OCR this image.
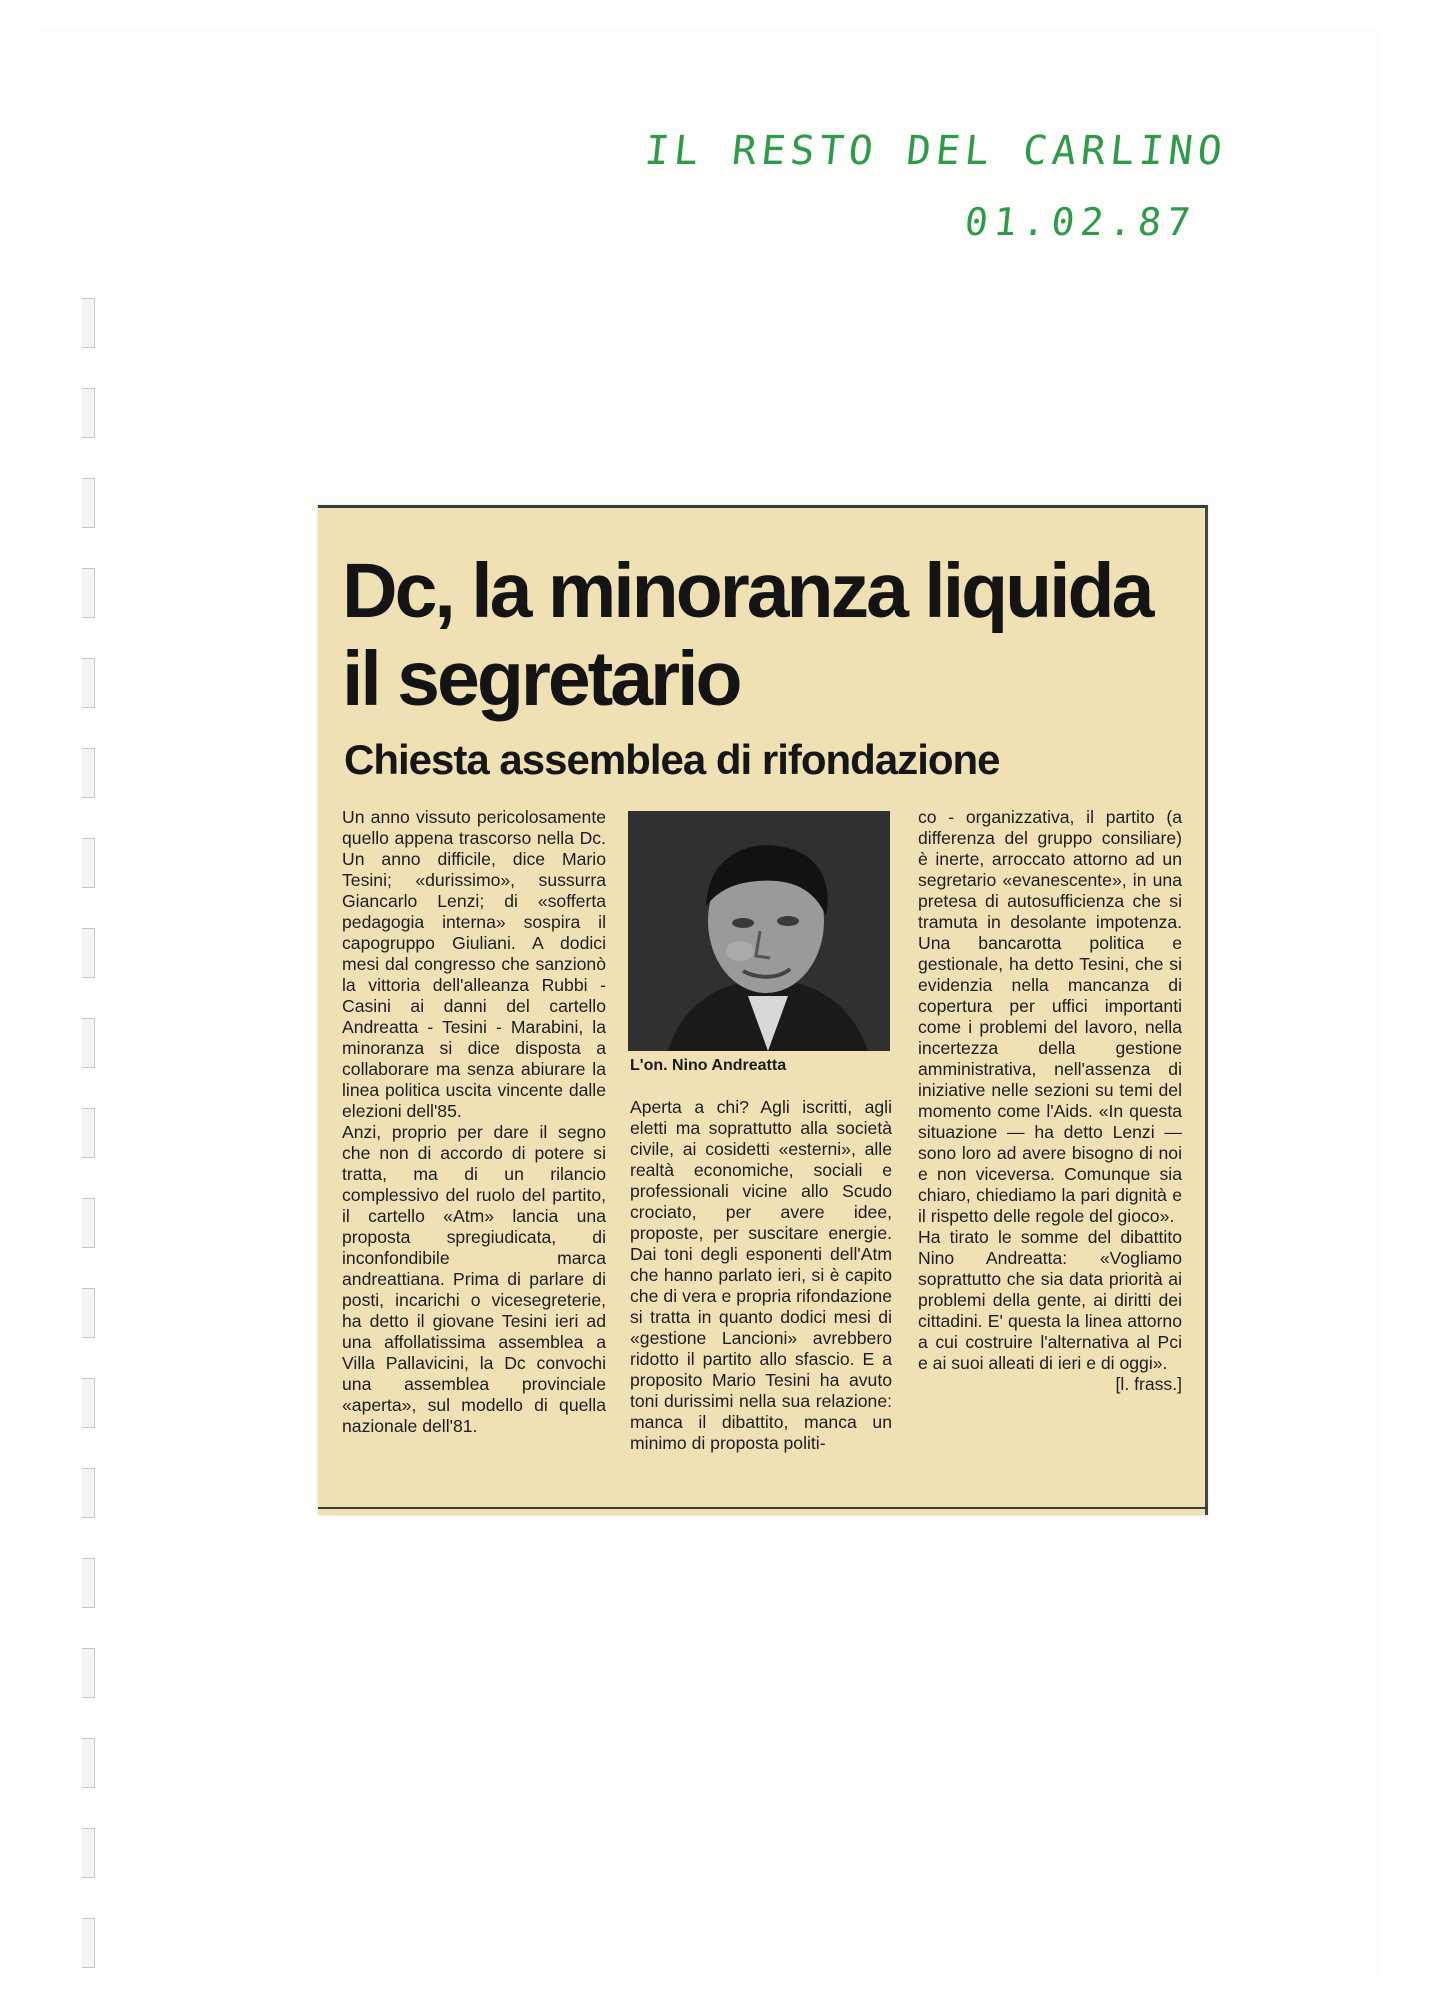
IL RESTO DEL CARLINO
01.02.87
Dc, la minoranza liquida il segretario
Chiesta assemblea di rifondazione

Un anno vissuto pericolosamente quello appena trascorso nella Dc. Un anno difficile, dice Mario Tesini; «durissimo», sussurra Giancarlo Lenzi; di «sofferta pedagogia interna» sospira il capogruppo Giuliani. A dodici mesi dal congresso che sanzionò la vittoria dell'alleanza Rubbi - Casini ai danni del cartello Andreatta - Tesini - Marabini, la minoranza si dice disposta a collaborare ma senza abiurare la linea politica uscita vincente dalle elezioni dell'85.

Anzi, proprio per dare il segno che non di accordo di potere si tratta, ma di un rilancio complessivo del ruolo del partito, il cartello «Atm» lancia una proposta spregiudicata, di inconfondibile marca andreattiana. Prima di parlare di posti, incarichi o vicesegreterie, ha detto il giovane Tesini ieri ad una affollatissima assemblea a Villa Pallavicini, la Dc convochi una assemblea provinciale «aperta», sul modello di quella nazionale dell'81.

L'on. Nino Andreatta

Aperta a chi? Agli iscritti, agli eletti ma soprattutto alla società civile, ai cosidetti «esterni», alle realtà economiche, sociali e professionali vicine allo Scudo crociato, per avere idee, proposte, per suscitare energie. Dai toni degli esponenti dell'Atm che hanno parlato ieri, si è capito che di vera e propria rifondazione si tratta in quanto dodici mesi di «gestione Lancioni» avrebbero ridotto il partito allo sfascio. E a proposito Mario Tesini ha avuto toni durissimi nella sua relazione: manca il dibattito, manca un minimo di proposta politi-

co - organizzativa, il partito (a differenza del gruppo consiliare) è inerte, arroccato attorno ad un segretario «evanescente», in una pretesa di autosufficienza che si tramuta in desolante impotenza. Una bancarotta politica e gestionale, ha detto Tesini, che si evidenzia nella mancanza di copertura per uffici importanti come i problemi del lavoro, nella incertezza della gestione amministrativa, nell'assenza di iniziative nelle sezioni su temi del momento come l'Aids. «In questa situazione — ha detto Lenzi — sono loro ad avere bisogno di noi e non viceversa. Comunque sia chiaro, chiediamo la pari dignità e il rispetto delle regole del gioco».

Ha tirato le somme del dibattito Nino Andreatta: «Vogliamo soprattutto che sia data priorità ai problemi della gente, ai diritti dei cittadini. E' questa la linea attorno a cui costruire l'alternativa al Pci e ai suoi alleati di ieri e di oggi».
[l. frass.]
